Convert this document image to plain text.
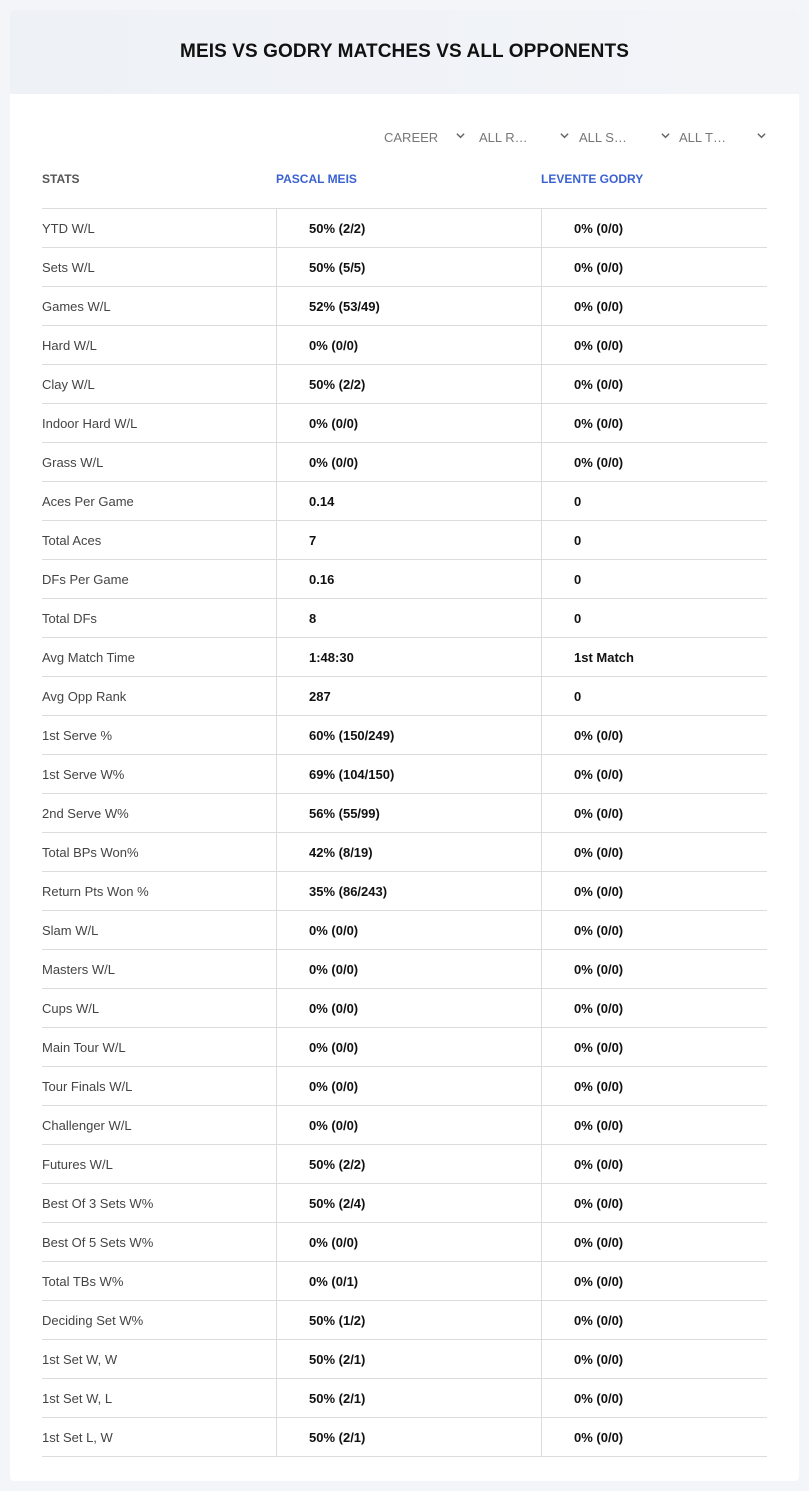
MEIS VS GODRY MATCHES VS ALL OPPONENTS
CAREER	ALL R…	ALL S…	ALL T…
STATS	PASCAL MEIS	LEVENTE GODRY
YTD W/L	50% (2/2)	0% (0/0)
Sets W/L	50% (5/5)	0% (0/0)
Games W/L	52% (53/49)	0% (0/0)
Hard W/L	0% (0/0)	0% (0/0)
Clay W/L	50% (2/2)	0% (0/0)
Indoor Hard W/L	0% (0/0)	0% (0/0)
Grass W/L	0% (0/0)	0% (0/0)
Aces Per Game	0.14	0
Total Aces	7	0
DFs Per Game	0.16	0
Total DFs	8	0
Avg Match Time	1:48:30	1st Match
Avg Opp Rank	287	0
1st Serve %	60% (150/249)	0% (0/0)
1st Serve W%	69% (104/150)	0% (0/0)
2nd Serve W%	56% (55/99)	0% (0/0)
Total BPs Won%	42% (8/19)	0% (0/0)
Return Pts Won %	35% (86/243)	0% (0/0)
Slam W/L	0% (0/0)	0% (0/0)
Masters W/L	0% (0/0)	0% (0/0)
Cups W/L	0% (0/0)	0% (0/0)
Main Tour W/L	0% (0/0)	0% (0/0)
Tour Finals W/L	0% (0/0)	0% (0/0)
Challenger W/L	0% (0/0)	0% (0/0)
Futures W/L	50% (2/2)	0% (0/0)
Best Of 3 Sets W%	50% (2/4)	0% (0/0)
Best Of 5 Sets W%	0% (0/0)	0% (0/0)
Total TBs W%	0% (0/1)	0% (0/0)
Deciding Set W%	50% (1/2)	0% (0/0)
1st Set W, W	50% (2/1)	0% (0/0)
1st Set W, L	50% (2/1)	0% (0/0)
1st Set L, W	50% (2/1)	0% (0/0)
